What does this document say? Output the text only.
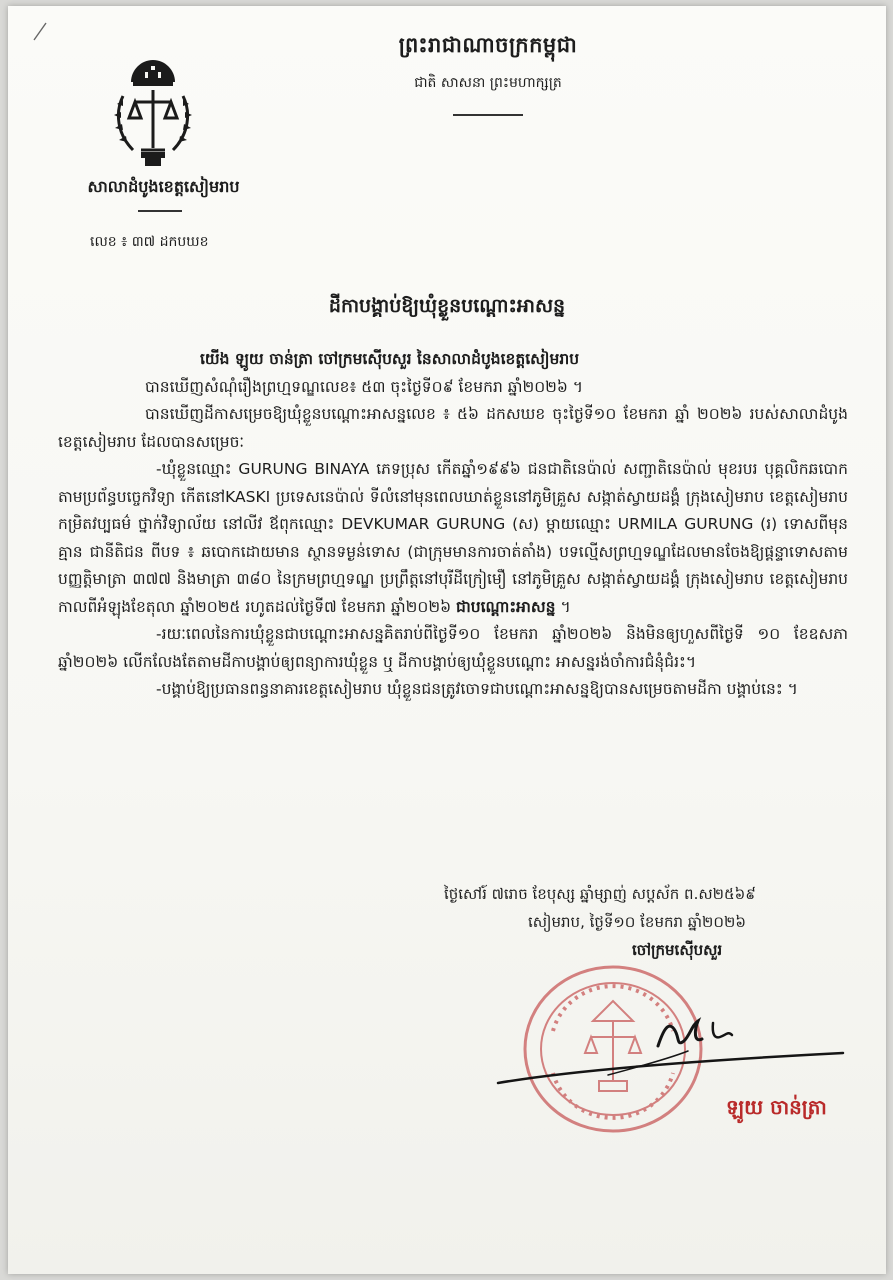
ព្រះរាជាណាចក្រកម្ពុជា
ជាតិ សាសនា ព្រះមហាក្សត្រ
សាលាដំបូងខេត្តសៀមរាប
លេខ ៖ ៣៧ ដកបឃខ
ដីកាបង្គាប់ឱ្យឃុំខ្លួនបណ្ដោះអាសន្ន

យើង ឡូយ ចាន់ត្រា ចៅក្រមស៊ើបសួរ នៃសាលាដំបូងខេត្តសៀមរាប

បានឃើញសំណុំរឿងព្រហ្មទណ្ឌលេខ៖ ៥៣ ចុះថ្ងៃទី០៩ ខែមករា ឆ្នាំ២០២៦ ។

បានឃើញដីកាសម្រេចឱ្យឃុំខ្លួនបណ្ដោះអាសន្នលេខ ៖ ៥៦ ដកសឃខ ចុះថ្ងៃទី១០ ខែមករា ឆ្នាំ ២០២៦ របស់សាលាដំបូងខេត្តសៀមរាប ដែលបានសម្រេចៈ

-ឃុំខ្លួនឈ្មោះ GURUNG BINAYA ភេទប្រុស កើតឆ្នាំ១៩៩៦ ជនជាតិនេប៉ាល់ សញ្ជាតិនេប៉ាល់ មុខរបរ បុគ្គលិកឆបោកតាមប្រព័ន្ធបច្ចេកវិទ្យា កើតនៅKASKI ប្រទេសនេប៉ាល់ ទីលំនៅមុនពេលឃាត់ខ្លួននៅភូមិគ្រួស សង្កាត់ស្វាយដង្គំ ក្រុងសៀមរាប ខេត្តសៀមរាប កម្រិតវប្បធម៌ ថ្នាក់វិទ្យាល័យ នៅលីវ ឪពុកឈ្មោះ DEVKUMAR GURUNG (ស) ម្ដាយឈ្មោះ URMILA GURUNG (រ) ទោសពីមុន គ្មាន ជានីតិជន ពីបទ ៖ ឆបោកដោយមាន ស្ថានទម្ងន់ទោស (ជាក្រុមមានការចាត់តាំង) បទល្មើសព្រហ្មទណ្ឌដែលមានចែងឱ្យផ្ដន្ទាទោសតាមបញ្ញត្តិមាត្រា ៣៧៧ និងមាត្រា ៣៨០ នៃក្រមព្រហ្មទណ្ឌ ប្រព្រឹត្តនៅបុរីដីក្រៀមឿ នៅភូមិគ្រួស សង្កាត់ស្វាយដង្គំ ក្រុងសៀមរាប ខេត្តសៀមរាប កាលពីអំឡុងខែតុលា ឆ្នាំ២០២៥ រហូតដល់ថ្ងៃទី៧ ខែមករា ឆ្នាំ២០២៦ ជាបណ្ដោះអាសន្ន ។

-រយៈពេលនៃការឃុំខ្លួនជាបណ្ដោះអាសន្នគិតរាប់ពីថ្ងៃទី១០ ខែមករា ឆ្នាំ២០២៦ និងមិនឲ្យហួសពីថ្ងៃទី ១០ ខែឧសភា ឆ្នាំ២០២៦ លើកលែងតែតាមដីកាបង្គាប់ឲ្យពន្យាការឃុំខ្លួន ឬ ដីកាបង្គាប់ឲ្យឃុំខ្លួនបណ្ដោះ អាសន្នរង់ចាំការជំនុំជំរះ។

-បង្គាប់ឱ្យប្រធានពន្ធនាគារខេត្តសៀមរាប ឃុំខ្លួនជនត្រូវចោទជាបណ្ដោះអាសន្នឱ្យបានសម្រេចតាមដីកា បង្គាប់នេះ ។

ថ្ងៃសៅរ៍ ៧រោច ខែបុស្ស ឆ្នាំម្សាញ់ សប្តស័ក ព.ស២៥៦៩
សៀមរាប, ថ្ងៃទី១០ ខែមករា ឆ្នាំ២០២៦
ចៅក្រមស៊ើបសួរ
ឡូយ ចាន់ត្រា
